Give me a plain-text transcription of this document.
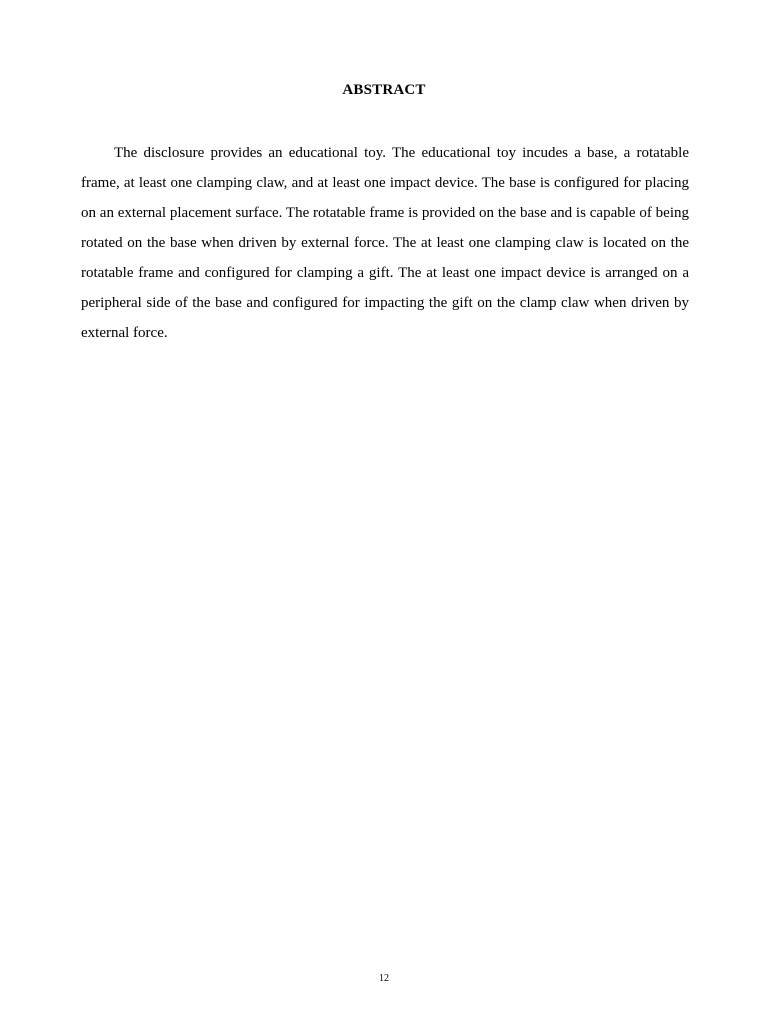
ABSTRACT

The disclosure provides an educational toy. The educational toy incudes a base, a rotatable frame, at least one clamping claw, and at least one impact device. The base is configured for placing on an external placement surface. The rotatable frame is provided on the base and is capable of being rotated on the base when driven by external force. The at least one clamping claw is located on the rotatable frame and configured for clamping a gift. The at least one impact device is arranged on a peripheral side of the base and configured for impacting the gift on the clamp claw when driven by external force.

12
